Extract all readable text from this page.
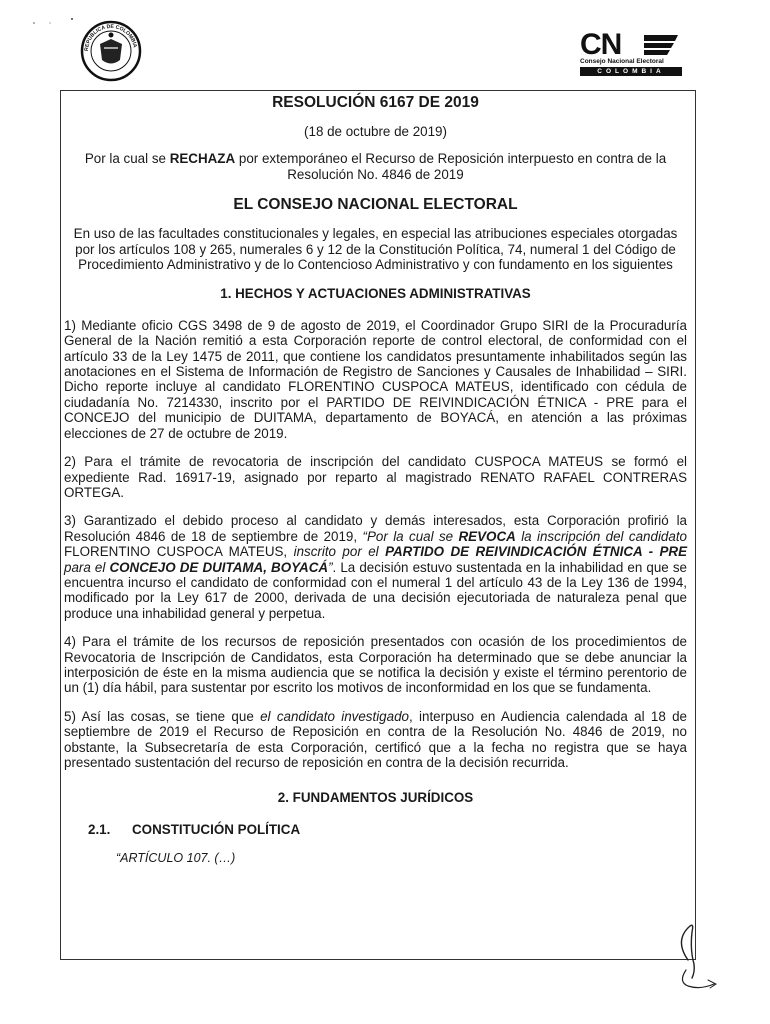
REPÚBLICA DE COLOMBIA	CN
Consejo Nacional Electoral
COLOMBIA
RESOLUCIÓN 6167 DE 2019
(18 de octubre de 2019)
Por la cual se RECHAZA por extemporáneo el Recurso de Reposición interpuesto en contra de la Resolución No. 4846 de 2019
EL CONSEJO NACIONAL ELECTORAL
En uso de las facultades constitucionales y legales, en especial las atribuciones especiales otorgadas por los artículos 108 y 265, numerales 6 y 12 de la Constitución Política, 74, numeral 1 del Código de Procedimiento Administrativo y de lo Contencioso Administrativo y con fundamento en los siguientes
1. HECHOS Y ACTUACIONES ADMINISTRATIVAS
1) Mediante oficio CGS 3498 de 9 de agosto de 2019, el Coordinador Grupo SIRI de la Procuraduría General de la Nación remitió a esta Corporación reporte de control electoral, de conformidad con el artículo 33 de la Ley 1475 de 2011, que contiene los candidatos presuntamente inhabilitados según las anotaciones en el Sistema de Información de Registro de Sanciones y Causales de Inhabilidad – SIRI. Dicho reporte incluye al candidato FLORENTINO CUSPOCA MATEUS, identificado con cédula de ciudadanía No. 7214330, inscrito por el PARTIDO DE REIVINDICACIÓN ÉTNICA - PRE para el CONCEJO del municipio de DUITAMA, departamento de BOYACÁ, en atención a las próximas elecciones de 27 de octubre de 2019.
2) Para el trámite de revocatoria de inscripción del candidato CUSPOCA MATEUS se formó el expediente Rad. 16917-19, asignado por reparto al magistrado RENATO RAFAEL CONTRERAS ORTEGA.
3) Garantizado el debido proceso al candidato y demás interesados, esta Corporación profirió la Resolución 4846 de 18 de septiembre de 2019, “Por la cual se REVOCA la inscripción del candidato FLORENTINO CUSPOCA MATEUS, inscrito por el PARTIDO DE REIVINDICACIÓN ÉTNICA - PRE para el CONCEJO DE DUITAMA, BOYACÁ”. La decisión estuvo sustentada en la inhabilidad en que se encuentra incurso el candidato de conformidad con el numeral 1 del artículo 43 de la Ley 136 de 1994, modificado por la Ley 617 de 2000, derivada de una decisión ejecutoriada de naturaleza penal que produce una inhabilidad general y perpetua.
4) Para el trámite de los recursos de reposición presentados con ocasión de los procedimientos de Revocatoria de Inscripción de Candidatos, esta Corporación ha determinado que se debe anunciar la interposición de éste en la misma audiencia que se notifica la decisión y existe el término perentorio de un (1) día hábil, para sustentar por escrito los motivos de inconformidad en los que se fundamenta.
5) Así las cosas, se tiene que el candidato investigado, interpuso en Audiencia calendada al 18 de septiembre de 2019 el Recurso de Reposición en contra de la Resolución No. 4846 de 2019, no obstante, la Subsecretaría de esta Corporación, certificó que a la fecha no registra que se haya presentado sustentación del recurso de reposición en contra de la decisión recurrida.
2. FUNDAMENTOS JURÍDICOS
2.1. CONSTITUCIÓN POLÍTICA
“ARTÍCULO 107. (…)
